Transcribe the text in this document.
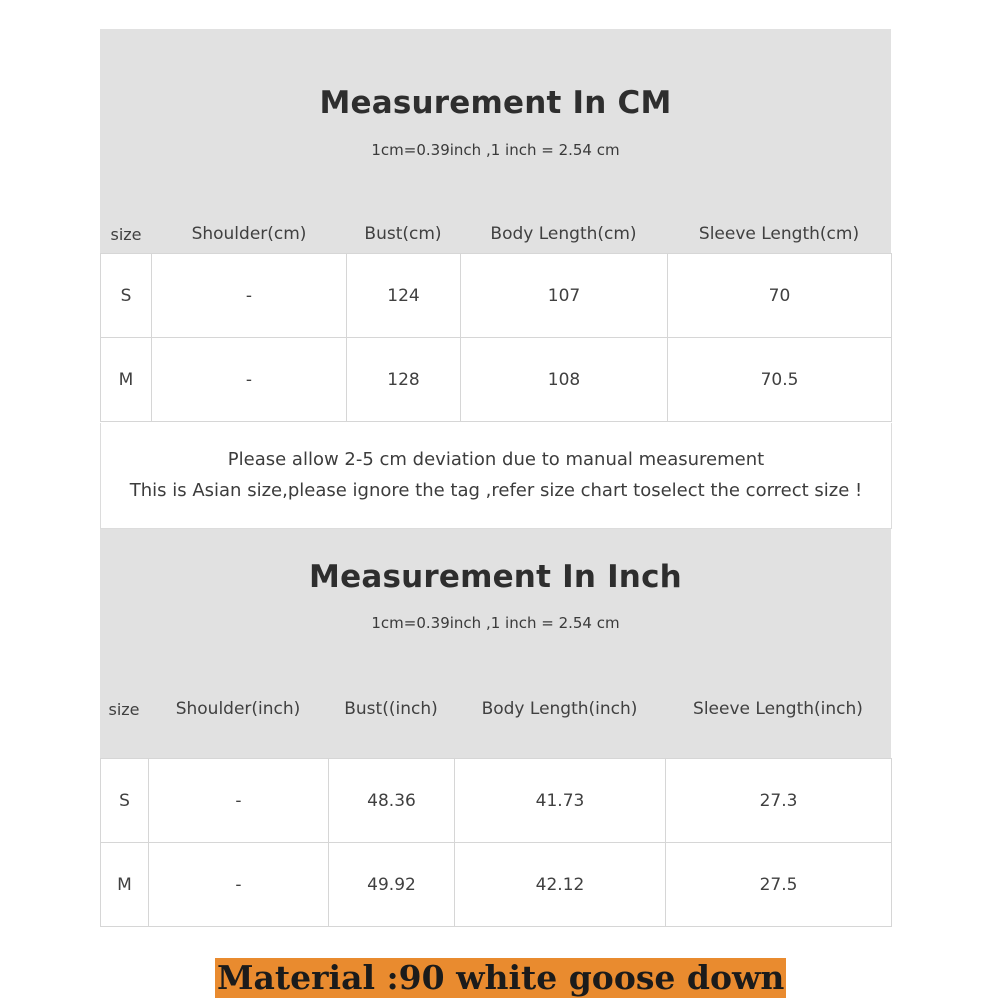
Measurement In CM
1cm=0.39inch ,1 inch = 2.54 cm
size	Shoulder(cm)	Bust(cm)	Body Length(cm)	Sleeve Length(cm)
S	-	124	107	70
M	-	128	108	70.5
Please allow 2-5 cm deviation due to manual measurement
This is Asian size,please ignore the tag ,refer size chart toselect the correct size !
Measurement In Inch
1cm=0.39inch ,1 inch = 2.54 cm
size	Shoulder(inch)	Bust((inch)	Body Length(inch)	Sleeve Length(inch)
S	-	48.36	41.73	27.3
M	-	49.92	42.12	27.5
Material :90 white goose down
